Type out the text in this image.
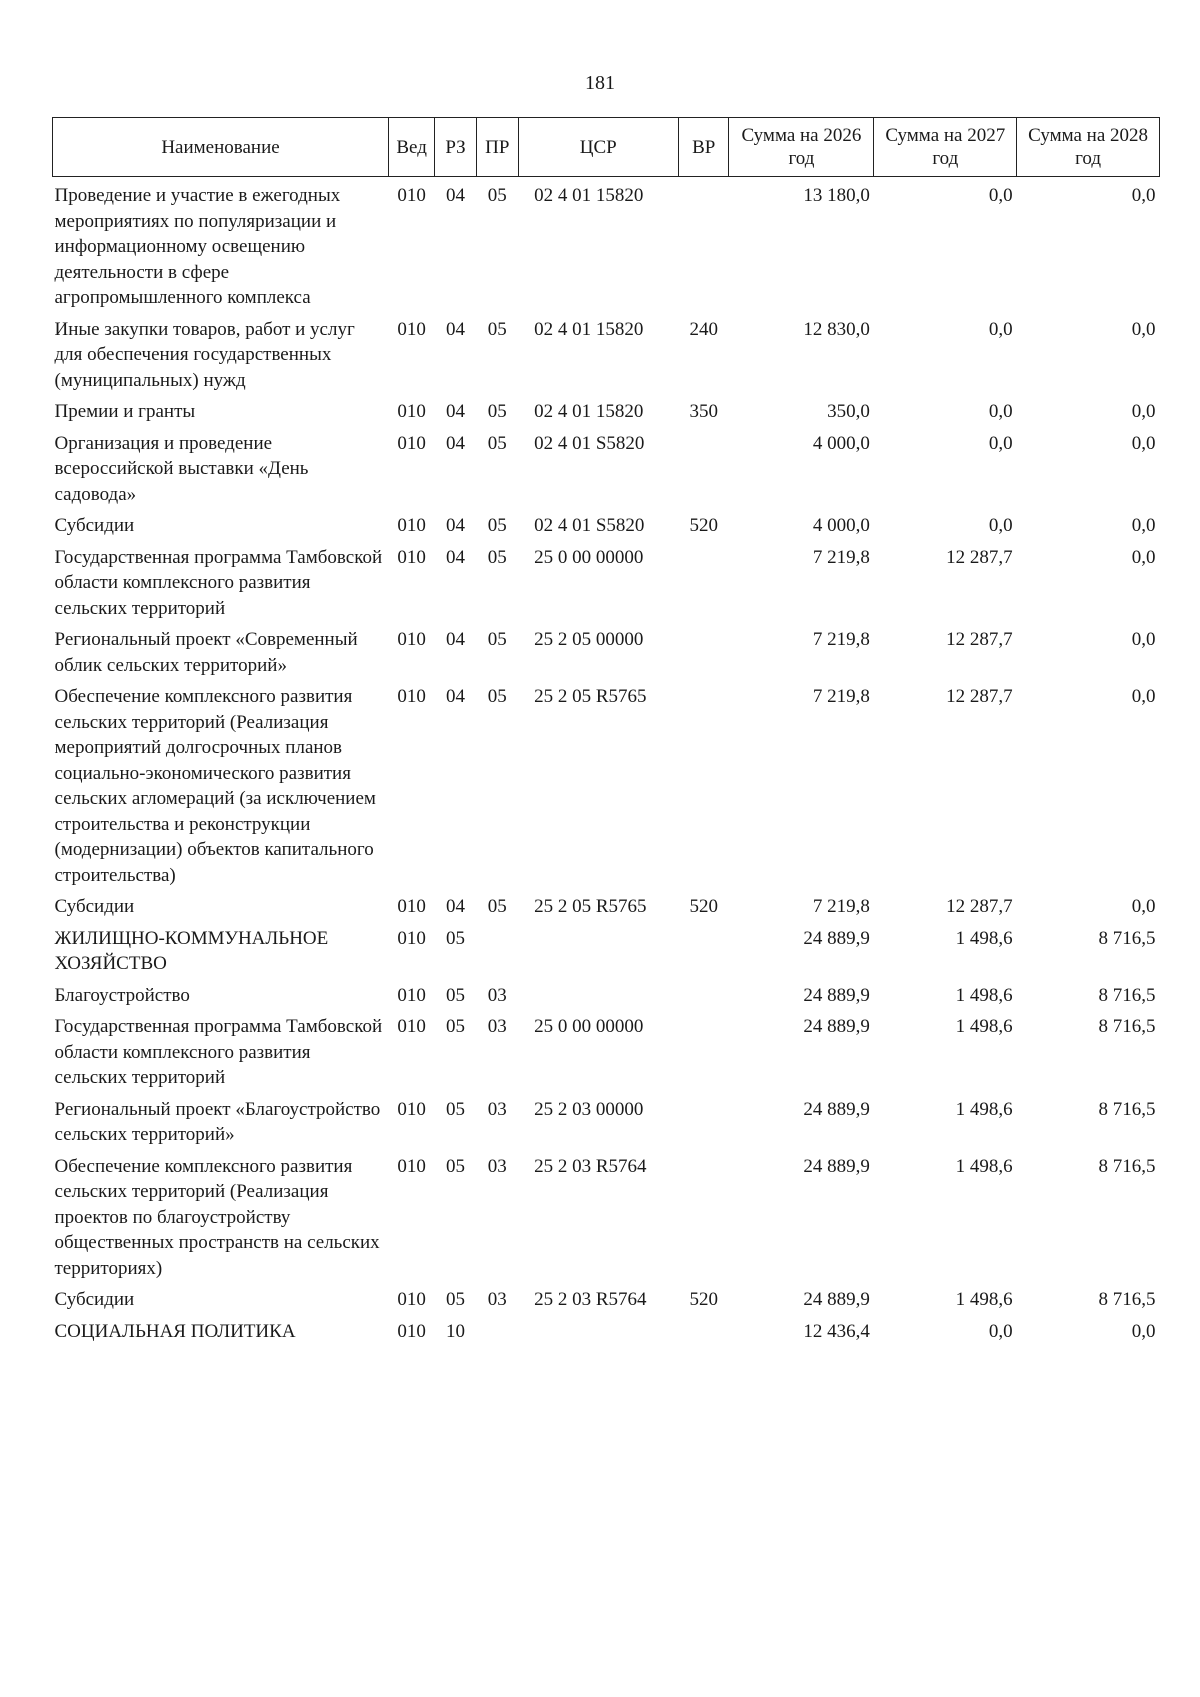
181
Наименование	Вед	РЗ	ПР	ЦСР	ВР	Сумма на 2026 год	Сумма на 2027 год	Сумма на 2028 год

Проведение и участие в ежегодных мероприятиях по популяризации и информационному освещению деятельности в сфере агропромышленного комплекса	010	04	05	02 4 01 15820		13 180,0	0,0	0,0
Иные закупки товаров, работ и услуг для обеспечения государственных (муниципальных) нужд	010	04	05	02 4 01 15820	240	12 830,0	0,0	0,0
Премии и гранты	010	04	05	02 4 01 15820	350	350,0	0,0	0,0
Организация и проведение всероссийской выставки «День садовода»	010	04	05	02 4 01 S5820		4 000,0	0,0	0,0
Субсидии	010	04	05	02 4 01 S5820	520	4 000,0	0,0	0,0
Государственная программа Тамбовской области комплексного развития сельских территорий	010	04	05	25 0 00 00000		7 219,8	12 287,7	0,0
Региональный проект «Современный облик сельских территорий»	010	04	05	25 2 05 00000		7 219,8	12 287,7	0,0
Обеспечение комплексного развития сельских территорий (Реализация мероприятий долгосрочных планов социально-экономического развития сельских агломераций (за исключением строительства и реконструкции (модернизации) объектов капитального строительства)	010	04	05	25 2 05 R5765		7 219,8	12 287,7	0,0
Субсидии	010	04	05	25 2 05 R5765	520	7 219,8	12 287,7	0,0
ЖИЛИЩНО-КОММУНАЛЬНОЕ ХОЗЯЙСТВО	010	05				24 889,9	1 498,6	8 716,5
Благоустройство	010	05	03			24 889,9	1 498,6	8 716,5
Государственная программа Тамбовской области комплексного развития сельских территорий	010	05	03	25 0 00 00000		24 889,9	1 498,6	8 716,5
Региональный проект «Благоустройство сельских территорий»	010	05	03	25 2 03 00000		24 889,9	1 498,6	8 716,5
Обеспечение комплексного развития сельских территорий (Реализация проектов по благоустройству общественных пространств на сельских территориях)	010	05	03	25 2 03 R5764		24 889,9	1 498,6	8 716,5
Субсидии	010	05	03	25 2 03 R5764	520	24 889,9	1 498,6	8 716,5
СОЦИАЛЬНАЯ ПОЛИТИКА	010	10				12 436,4	0,0	0,0
